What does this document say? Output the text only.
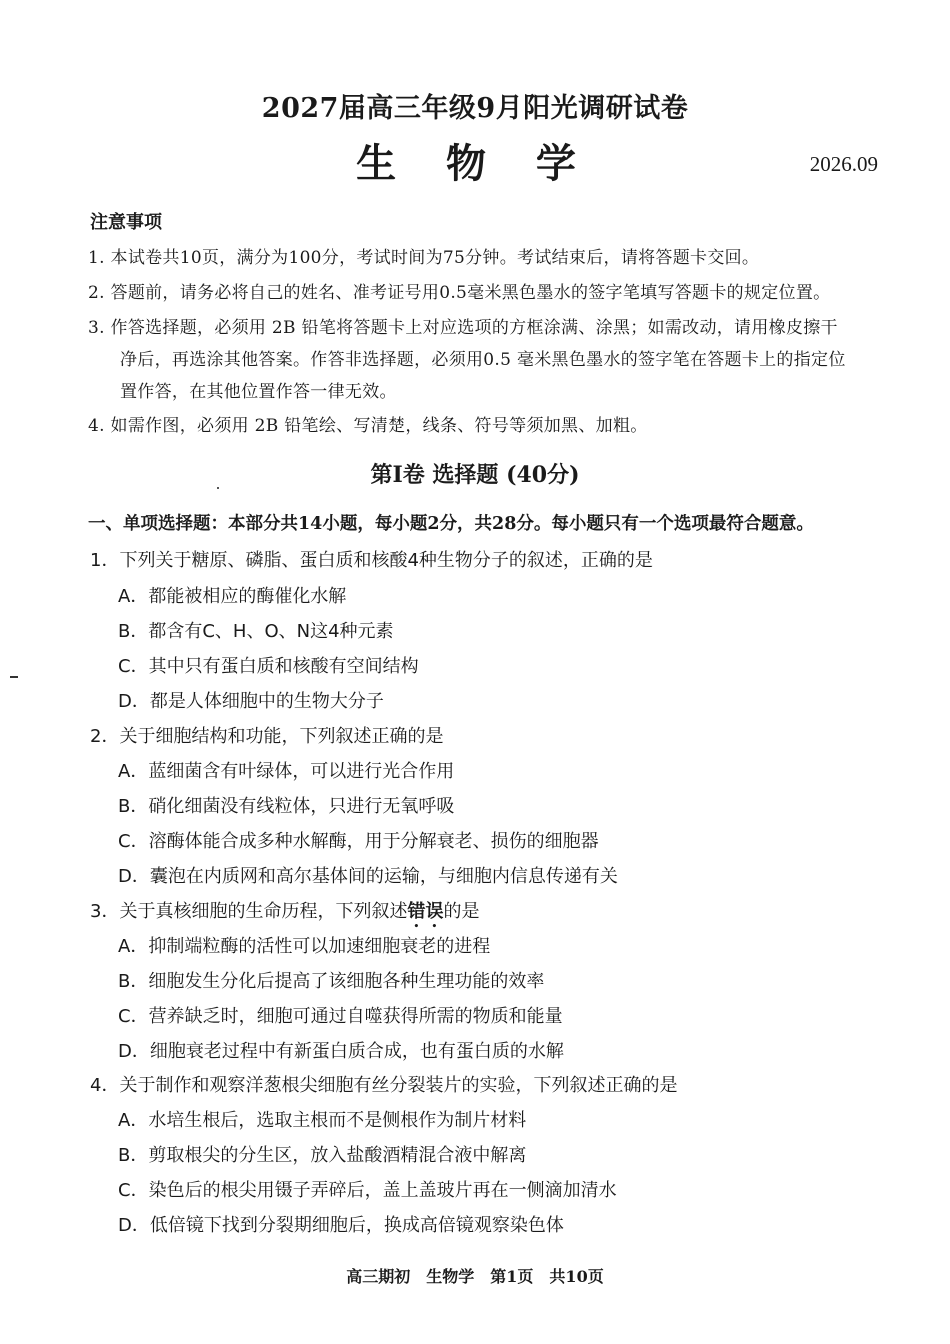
2027届高三年级9月阳光调研试卷
生 物 学	2026.09
注意事项
1. 本试卷共10页，满分为100分，考试时间为75分钟。考试结束后，请将答题卡交回。
2. 答题前，请务必将自己的姓名、准考证号用0.5毫米黑色墨水的签字笔填写答题卡的规定位置。
3. 作答选择题，必须用 2B 铅笔将答题卡上对应选项的方框涂满、涂黑；如需改动，请用橡皮擦干
净后，再选涂其他答案。作答非选择题，必须用0.5 毫米黑色墨水的签字笔在答题卡上的指定位
置作答，在其他位置作答一律无效。
4. 如需作图，必须用 2B 铅笔绘、写清楚，线条、符号等须加黑、加粗。
第Ⅰ卷 选择题 (40分)
一、单项选择题：本部分共14小题，每小题2分，共28分。每小题只有一个选项最符合题意。
1．下列关于糖原、磷脂、蛋白质和核酸4种生物分子的叙述，正确的是
A．都能被相应的酶催化水解
B．都含有C、H、O、N这4种元素
C．其中只有蛋白质和核酸有空间结构
D．都是人体细胞中的生物大分子
2．关于细胞结构和功能，下列叙述正确的是
A．蓝细菌含有叶绿体，可以进行光合作用
B．硝化细菌没有线粒体，只进行无氧呼吸
C．溶酶体能合成多种水解酶，用于分解衰老、损伤的细胞器
D．囊泡在内质网和高尔基体间的运输，与细胞内信息传递有关
3．关于真核细胞的生命历程，下列叙述错误的是
A．抑制端粒酶的活性可以加速细胞衰老的进程
B．细胞发生分化后提高了该细胞各种生理功能的效率
C．营养缺乏时，细胞可通过自噬获得所需的物质和能量
D．细胞衰老过程中有新蛋白质合成，也有蛋白质的水解
4．关于制作和观察洋葱根尖细胞有丝分裂装片的实验，下列叙述正确的是
A．水培生根后，选取主根而不是侧根作为制片材料
B．剪取根尖的分生区，放入盐酸酒精混合液中解离
C．染色后的根尖用镊子弄碎后，盖上盖玻片再在一侧滴加清水
D．低倍镜下找到分裂期细胞后，换成高倍镜观察染色体
高三期初　生物学　第1页　共10页
